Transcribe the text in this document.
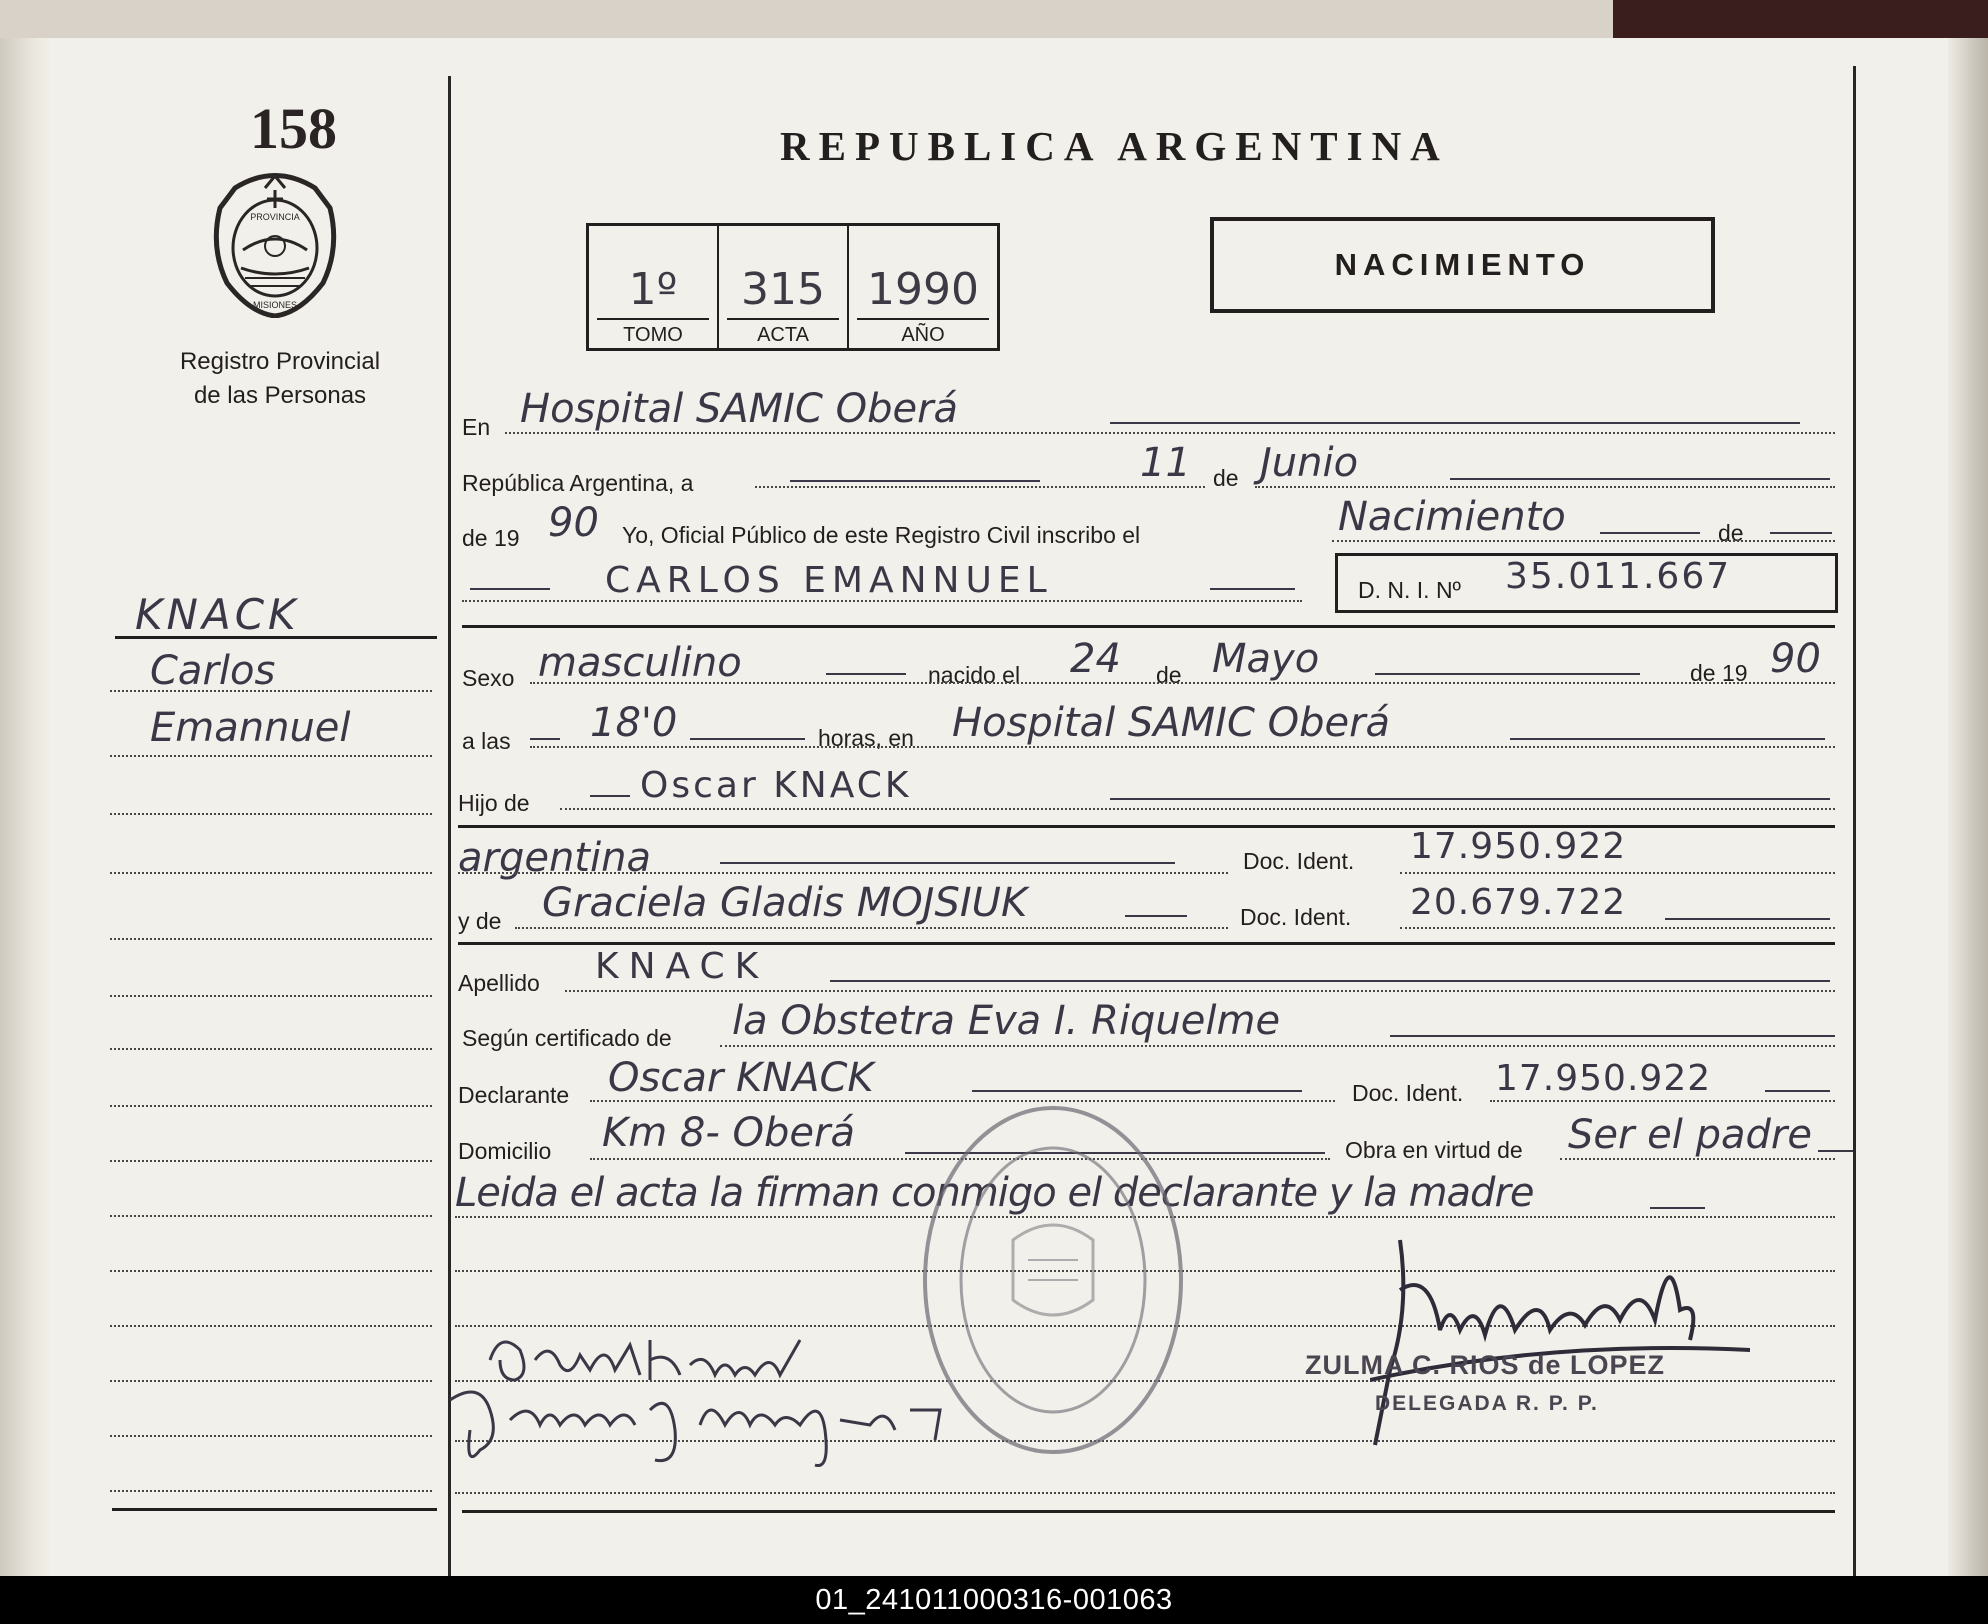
158
PROVINCIA
MISIONES
Registro Provincial
de las Personas
KNACK
Carlos
Emannuel
REPUBLICA ARGENTINA
1º
TOMO
315
ACTA
1990
AÑO
NACIMIENTO
En Hospital SAMIC Oberá
República Argentina, a	11 de Junio
de 19 90 Yo, Oficial Público de este Registro Civil inscribo el	Nacimiento	de
CARLOS EMANNUEL	D. N. I. Nº 35.011.667
Sexo masculino	nacido el 24 de Mayo	de 19 90
a las 18'0	horas, en Hospital SAMIC Oberá
Hijo de	Oscar KNACK
argentina	Doc. Ident. 17.950.922
y de Graciela Gladis MOJSIUK	Doc. Ident. 20.679.722
Apellido KNACK
Según certificado de la Obstetra Eva I. Riquelme
Declarante Oscar KNACK	Doc. Ident. 17.950.922
Domicilio Km 8- Oberá	Obra en virtud de Ser el padre
Leida el acta la firman conmigo el declarante y la madre
ZULMA C. RIOS de LOPEZ
DELEGADA R. P. P.
01_241011000316-001063
